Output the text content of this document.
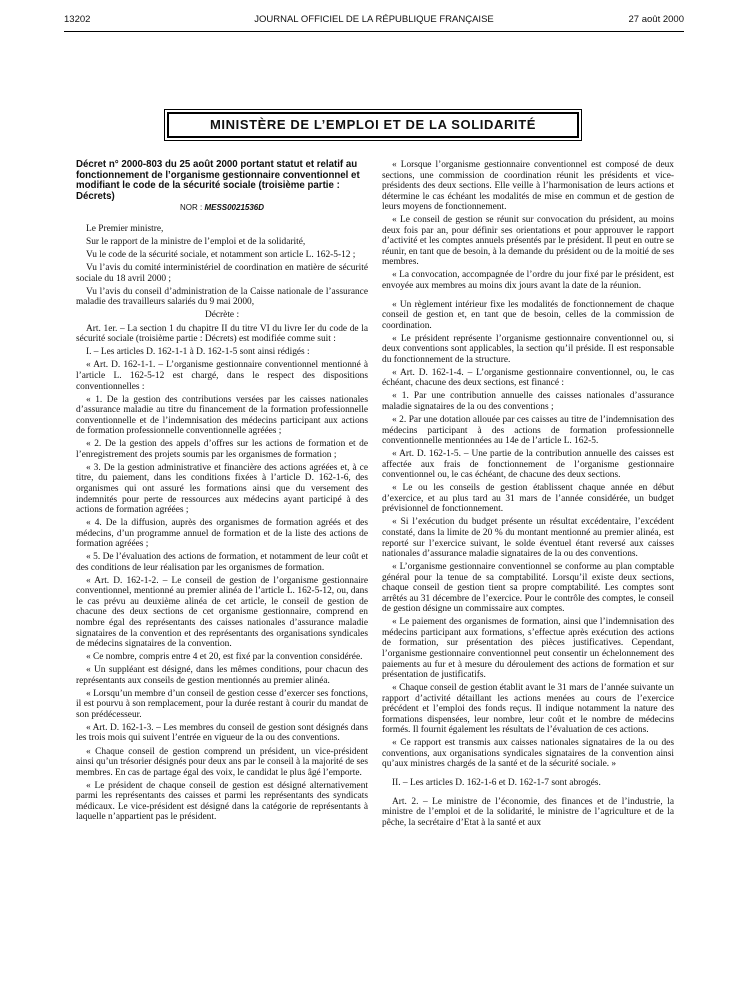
13202	JOURNAL OFFICIEL DE LA RÉPUBLIQUE FRANÇAISE	27 août 2000
MINISTÈRE DE L’EMPLOI ET DE LA SOLIDARITÉ
Décret n° 2000-803 du 25 août 2000 portant statut et relatif au fonctionnement de l’organisme gestionnaire conventionnel et modifiant le code de la sécurité sociale (troisième partie : Décrets)

NOR : MESS0021536D

Le Premier ministre,

Sur le rapport de la ministre de l’emploi et de la solidarité,

Vu le code de la sécurité sociale, et notamment son article L. 162-5-12 ;

Vu l’avis du comité interministériel de coordination en matière de sécurité sociale du 18 avril 2000 ;

Vu l’avis du conseil d’administration de la Caisse nationale de l’assurance maladie des travailleurs salariés du 9 mai 2000,

Décrète :

Art. 1er. – La section 1 du chapitre II du titre VI du livre Ier du code de la sécurité sociale (troisième partie : Décrets) est modifiée comme suit :

I. – Les articles D. 162-1-1 à D. 162-1-5 sont ainsi rédigés :

« Art. D. 162-1-1. – L’organisme gestionnaire conventionnel mentionné à l’article L. 162-5-12 est chargé, dans le respect des dispositions conventionnelles :

« 1. De la gestion des contributions versées par les caisses nationales d’assurance maladie au titre du financement de la formation professionnelle conventionnelle et de l’indemnisation des médecins participant aux actions de formation professionnelle conventionnelle agréées ;

« 2. De la gestion des appels d’offres sur les actions de formation et de l’enregistrement des projets soumis par les organismes de formation ;

« 3. De la gestion administrative et financière des actions agréées et, à ce titre, du paiement, dans les conditions fixées à l’article D. 162-1-6, des organismes qui ont assuré les formations ainsi que du versement des indemnités pour perte de ressources aux médecins ayant participé à des actions de formation agréées ;

« 4. De la diffusion, auprès des organismes de formation agréés et des médecins, d’un programme annuel de formation et de la liste des actions de formation agréées ;

« 5. De l’évaluation des actions de formation, et notamment de leur coût et des conditions de leur réalisation par les organismes de formation.

« Art. D. 162-1-2. – Le conseil de gestion de l’organisme gestionnaire conventionnel, mentionné au premier alinéa de l’article L. 162-5-12, ou, dans le cas prévu au deuxième alinéa de cet article, le conseil de gestion de chacune des deux sections de cet organisme gestionnaire, comprend en nombre égal des représentants des caisses nationales d’assurance maladie signataires de la convention et des représentants des organisations syndicales de médecins signataires de la convention.

« Ce nombre, compris entre 4 et 20, est fixé par la convention considérée.

« Un suppléant est désigné, dans les mêmes conditions, pour chacun des représentants aux conseils de gestion mentionnés au premier alinéa.

« Lorsqu’un membre d’un conseil de gestion cesse d’exercer ses fonctions, il est pourvu à son remplacement, pour la durée restant à courir du mandat de son prédécesseur.

« Art. D. 162-1-3. – Les membres du conseil de gestion sont désignés dans les trois mois qui suivent l’entrée en vigueur de la ou des conventions.

« Chaque conseil de gestion comprend un président, un vice-président ainsi qu’un trésorier désignés pour deux ans par le conseil à la majorité de ses membres. En cas de partage égal des voix, le candidat le plus âgé l’emporte.

« Le président de chaque conseil de gestion est désigné alternativement parmi les représentants des caisses et parmi les représentants des syndicats médicaux. Le vice-président est désigné dans la catégorie de représentants à laquelle n’appartient pas le président.

« Lorsque l’organisme gestionnaire conventionnel est composé de deux sections, une commission de coordination réunit les présidents et vice-présidents des deux sections. Elle veille à l’harmonisation de leurs actions et détermine le cas échéant les modalités de mise en commun et de gestion de leurs moyens de fonctionnement.

« Le conseil de gestion se réunit sur convocation du président, au moins deux fois par an, pour définir ses orientations et pour approuver le rapport d’activité et les comptes annuels présentés par le président. Il peut en outre se réunir, en tant que de besoin, à la demande du président ou de la moitié de ses membres.

« La convocation, accompagnée de l’ordre du jour fixé par le président, est envoyée aux membres au moins dix jours avant la date de la réunion.

« Un règlement intérieur fixe les modalités de fonctionnement de chaque conseil de gestion et, en tant que de besoin, celles de la commission de coordination.

« Le président représente l’organisme gestionnaire conventionnel ou, si deux conventions sont applicables, la section qu’il préside. Il est responsable du fonctionnement de la structure.

« Art. D. 162-1-4. – L’organisme gestionnaire conventionnel, ou, le cas échéant, chacune des deux sections, est financé :

« 1. Par une contribution annuelle des caisses nationales d’assurance maladie signataires de la ou des conventions ;

« 2. Par une dotation allouée par ces caisses au titre de l’indemnisation des médecins participant à des actions de formation professionnelle conventionnelle mentionnées au 14e de l’article L. 162-5.

« Art. D. 162-1-5. – Une partie de la contribution annuelle des caisses est affectée aux frais de fonctionnement de l’organisme gestionnaire conventionnel ou, le cas échéant, de chacune des deux sections.

« Le ou les conseils de gestion établissent chaque année en début d’exercice, et au plus tard au 31 mars de l’année considérée, un budget prévisionnel de fonctionnement.

« Si l’exécution du budget présente un résultat excédentaire, l’excédent constaté, dans la limite de 20 % du montant mentionné au premier alinéa, est reporté sur l’exercice suivant, le solde éventuel étant reversé aux caisses nationales d’assurance maladie signataires de la ou des conventions.

« L’organisme gestionnaire conventionnel se conforme au plan comptable général pour la tenue de sa comptabilité. Lorsqu’il existe deux sections, chaque conseil de gestion tient sa propre comptabilité. Les comptes sont arrêtés au 31 décembre de l’exercice. Pour le contrôle des comptes, le conseil de gestion désigne un commissaire aux comptes.

« Le paiement des organismes de formation, ainsi que l’indemnisation des médecins participant aux formations, s’effectue après exécution des actions de formation, sur présentation des pièces justificatives. Cependant, l’organisme gestionnaire conventionnel peut consentir un échelonnement des paiements au fur et à mesure du déroulement des actions de formation et sur présentation de justificatifs.

« Chaque conseil de gestion établit avant le 31 mars de l’année suivante un rapport d’activité détaillant les actions menées au cours de l’exercice précédent et l’emploi des fonds reçus. Il indique notamment la nature des formations dispensées, leur nombre, leur coût et le nombre de médecins formés. Il fournit également les résultats de l’évaluation de ces actions.

« Ce rapport est transmis aux caisses nationales signataires de la ou des conventions, aux organisations syndicales signataires de la convention ainsi qu’aux ministres chargés de la santé et de la sécurité sociale. »

II. – Les articles D. 162-1-6 et D. 162-1-7 sont abrogés.

Art. 2. – Le ministre de l’économie, des finances et de l’industrie, la ministre de l’emploi et de la solidarité, le ministre de l’agriculture et de la pêche, la secrétaire d’Etat à la santé et aux
